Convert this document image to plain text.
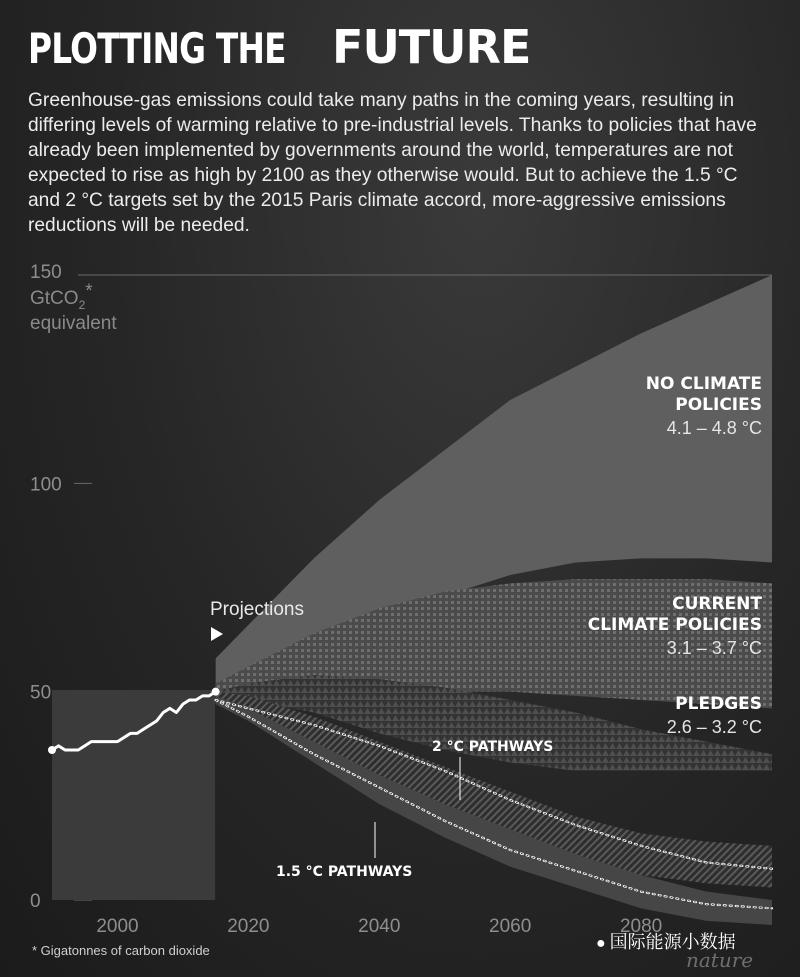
PLOTTING THE FUTURE

Greenhouse-gas emissions could take many paths in the coming years, resulting in differing levels of warming relative to pre-industrial levels. Thanks to policies that have already been implemented by governments around the world, temperatures are not expected to rise as high by 2100 as they otherwise would. But to achieve the 1.5 °C and 2 °C targets set by the 2015 Paris climate accord, more-aggressive emissions reductions will be needed.

0
50
100
150
GtCO$_2$*
equivalent
2000	2020	2040	2060	2080
Projections
NO CLIMATE
POLICIES
4.1 – 4.8 °C
CURRENT
CLIMATE POLICIES
3.1 – 3.7 °C
PLEDGES
2.6 – 3.2 °C
2 °C PATHWAYS
1.5 °C PATHWAYS
* Gigatonnes of carbon dioxide	● 国际能源小数据
nature
